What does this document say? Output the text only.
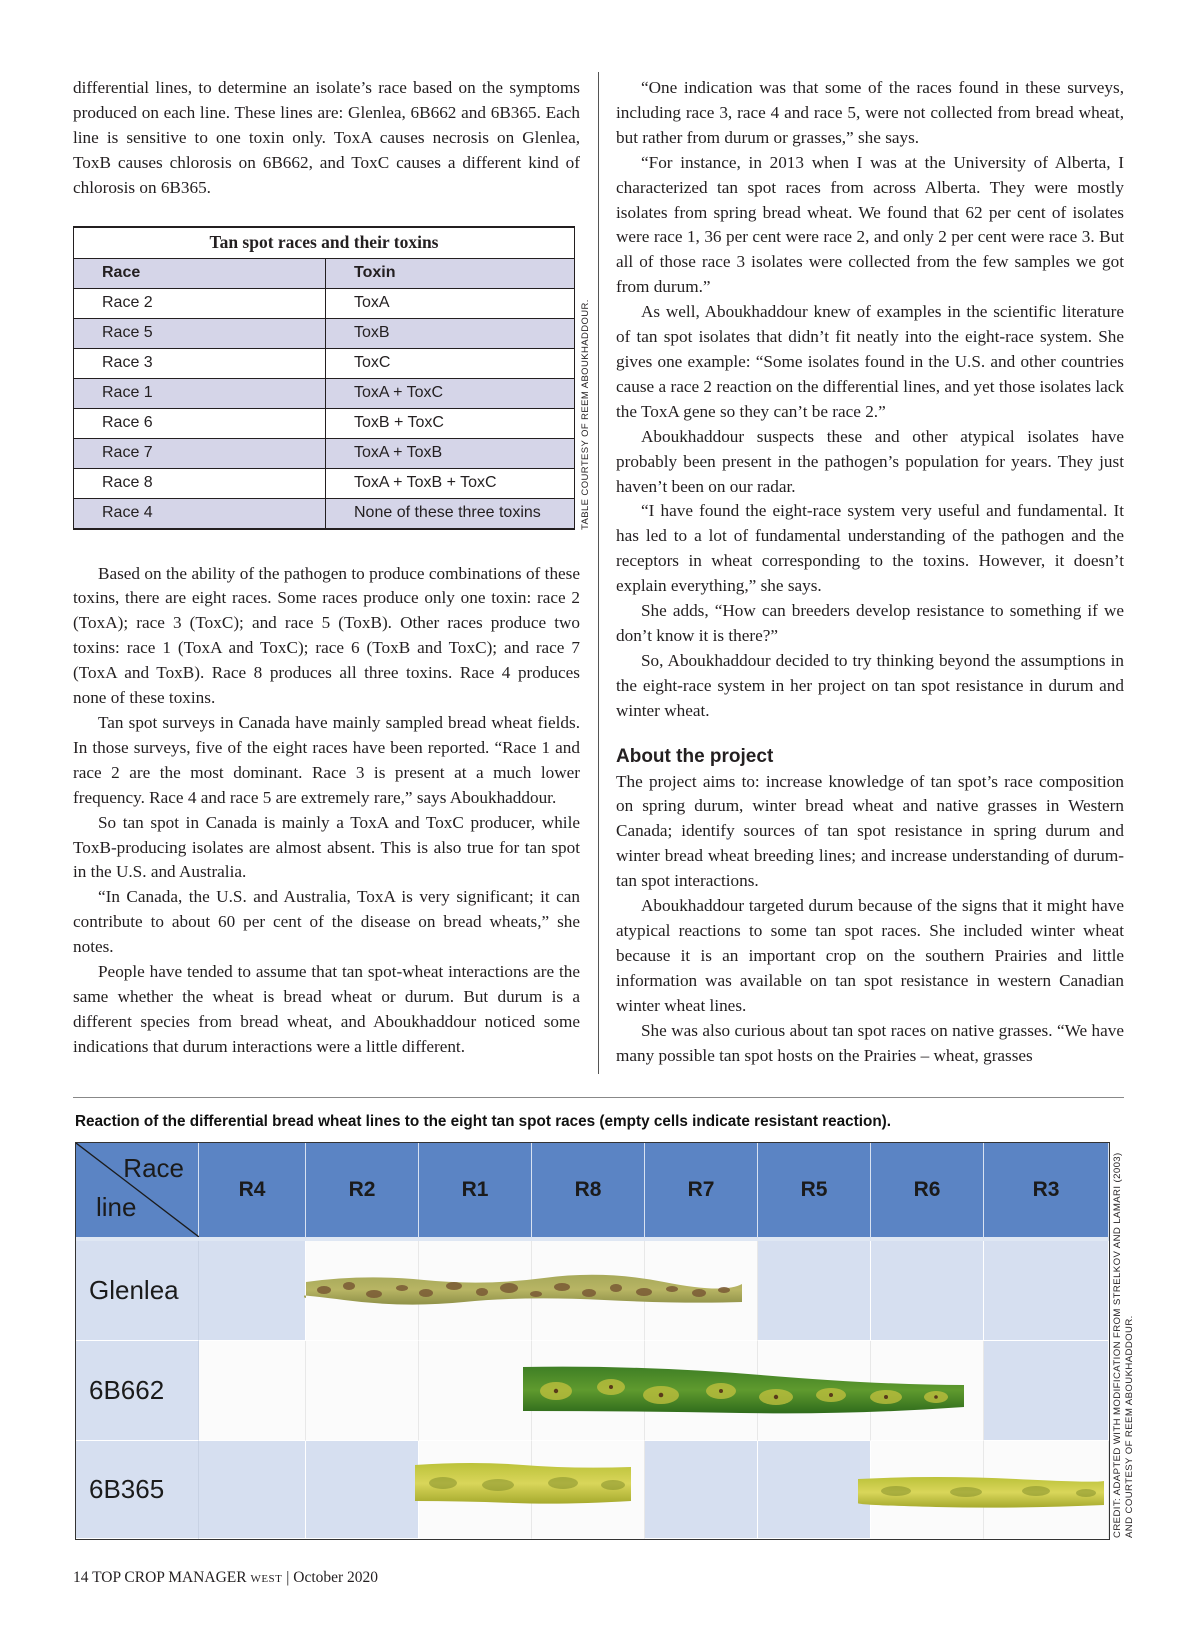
differential lines, to determine an isolate’s race based on the symptoms produced on each line. These lines are: Glenlea, 6B662 and 6B365. Each line is sensitive to one toxin only. ToxA causes necrosis on Glenlea, ToxB causes chlorosis on 6B662, and ToxC causes a different kind of chlorosis on 6B365.

Tan spot races and their toxins	
Race	Toxin
Race 2	ToxA
Race 5	ToxB
Race 3	ToxC
Race 1	ToxA + ToxC
Race 6	ToxB + ToxC
Race 7	ToxA + ToxB
Race 8	ToxA + ToxB + ToxC
Race 4	None of these three toxins

Based on the ability of the pathogen to produce combinations of these toxins, there are eight races. Some races produce only one toxin: race 2 (ToxA); race 3 (ToxC); and race 5 (ToxB). Other races produce two toxins: race 1 (ToxA and ToxC); race 6 (ToxB and ToxC); and race 7 (ToxA and ToxB). Race 8 produces all three toxins. Race 4 produces none of these toxins.

Tan spot surveys in Canada have mainly sampled bread wheat fields. In those surveys, five of the eight races have been reported. “Race 1 and race 2 are the most dominant. Race 3 is present at a much lower frequency. Race 4 and race 5 are extremely rare,” says Aboukhaddour.

So tan spot in Canada is mainly a ToxA and ToxC producer, while ToxB-producing isolates are almost absent. This is also true for tan spot in the U.S. and Australia.

“In Canada, the U.S. and Australia, ToxA is very significant; it can contribute to about 60 per cent of the disease on bread wheats,” she notes.

People have tended to assume that tan spot-wheat interactions are the same whether the wheat is bread wheat or durum. But durum is a different species from bread wheat, and Aboukhaddour noticed some indications that durum interactions were a little different.

TABLE COURTESY OF REEM ABOUKHADDOUR.

“One indication was that some of the races found in these surveys, including race 3, race 4 and race 5, were not collected from bread wheat, but rather from durum or grasses,” she says.

“For instance, in 2013 when I was at the University of Alberta, I characterized tan spot races from across Alberta. They were mostly isolates from spring bread wheat. We found that 62 per cent of isolates were race 1, 36 per cent were race 2, and only 2 per cent were race 3. But all of those race 3 isolates were collected from the few samples we got from durum.”

As well, Aboukhaddour knew of examples in the scientific literature of tan spot isolates that didn’t fit neatly into the eight-race system. She gives one example: “Some isolates found in the U.S. and other countries cause a race 2 reaction on the differential lines, and yet those isolates lack the ToxA gene so they can’t be race 2.”

Aboukhaddour suspects these and other atypical isolates have probably been present in the pathogen’s population for years. They just haven’t been on our radar.

“I have found the eight-race system very useful and fundamental. It has led to a lot of fundamental understanding of the pathogen and the receptors in wheat corresponding to the toxins. However, it doesn’t explain everything,” she says.

She adds, “How can breeders develop resistance to something if we don’t know it is there?”

So, Aboukhaddour decided to try thinking beyond the assumptions in the eight-race system in her project on tan spot resistance in durum and winter wheat.

About the project

The project aims to: increase knowledge of tan spot’s race composition on spring durum, winter bread wheat and native grasses in Western Canada; identify sources of tan spot resistance in spring durum and winter bread wheat breeding lines; and increase understanding of durum-tan spot interactions.

Aboukhaddour targeted durum because of the signs that it might have atypical reactions to some tan spot races. She included winter wheat because it is an important crop on the southern Prairies and little information was available on tan spot resistance in western Canadian winter wheat lines.

She was also curious about tan spot races on native grasses. “We have many possible tan spot hosts on the Prairies – wheat, grasses

Reaction of the differential bread wheat lines to the eight tan spot races (empty cells indicate resistant reaction).
Race
line
R4	R2	R1	R8	R7	R5	R6	R3
Glenlea
6B662
6B365	CREDIT: ADAPTED WITH MODIFICATION FROM STRELKOV AND LAMARI (2003) AND COURTESY OF REEM ABOUKHADDOUR.
14 TOP CROP MANAGER WEST | October 2020
